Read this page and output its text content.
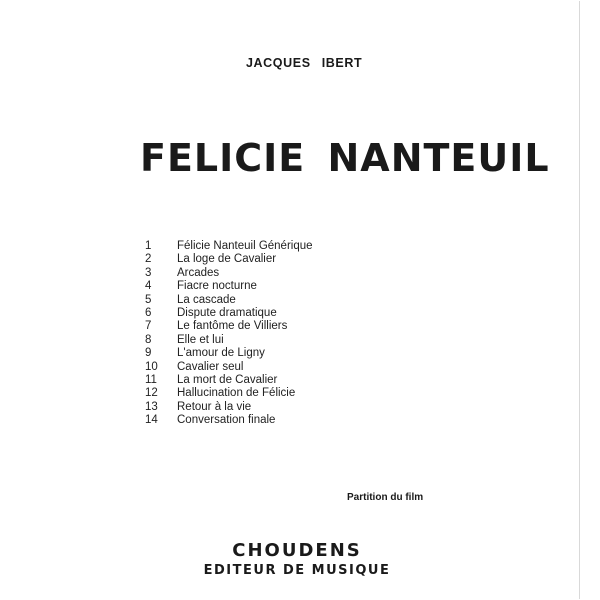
JACQUES IBERT
FELICIE NANTEUIL
1 Félicie Nanteuil Générique
2 La loge de Cavalier
3 Arcades
4 Fiacre nocturne
5 La cascade
6 Dispute dramatique
7 Le fantôme de Villiers
8 Elle et lui
9 L'amour de Ligny
10 Cavalier seul
11 La mort de Cavalier
12 Hallucination de Félicie
13 Retour à la vie
14 Conversation finale
Partition du film
CHOUDENS
EDITEUR DE MUSIQUE
